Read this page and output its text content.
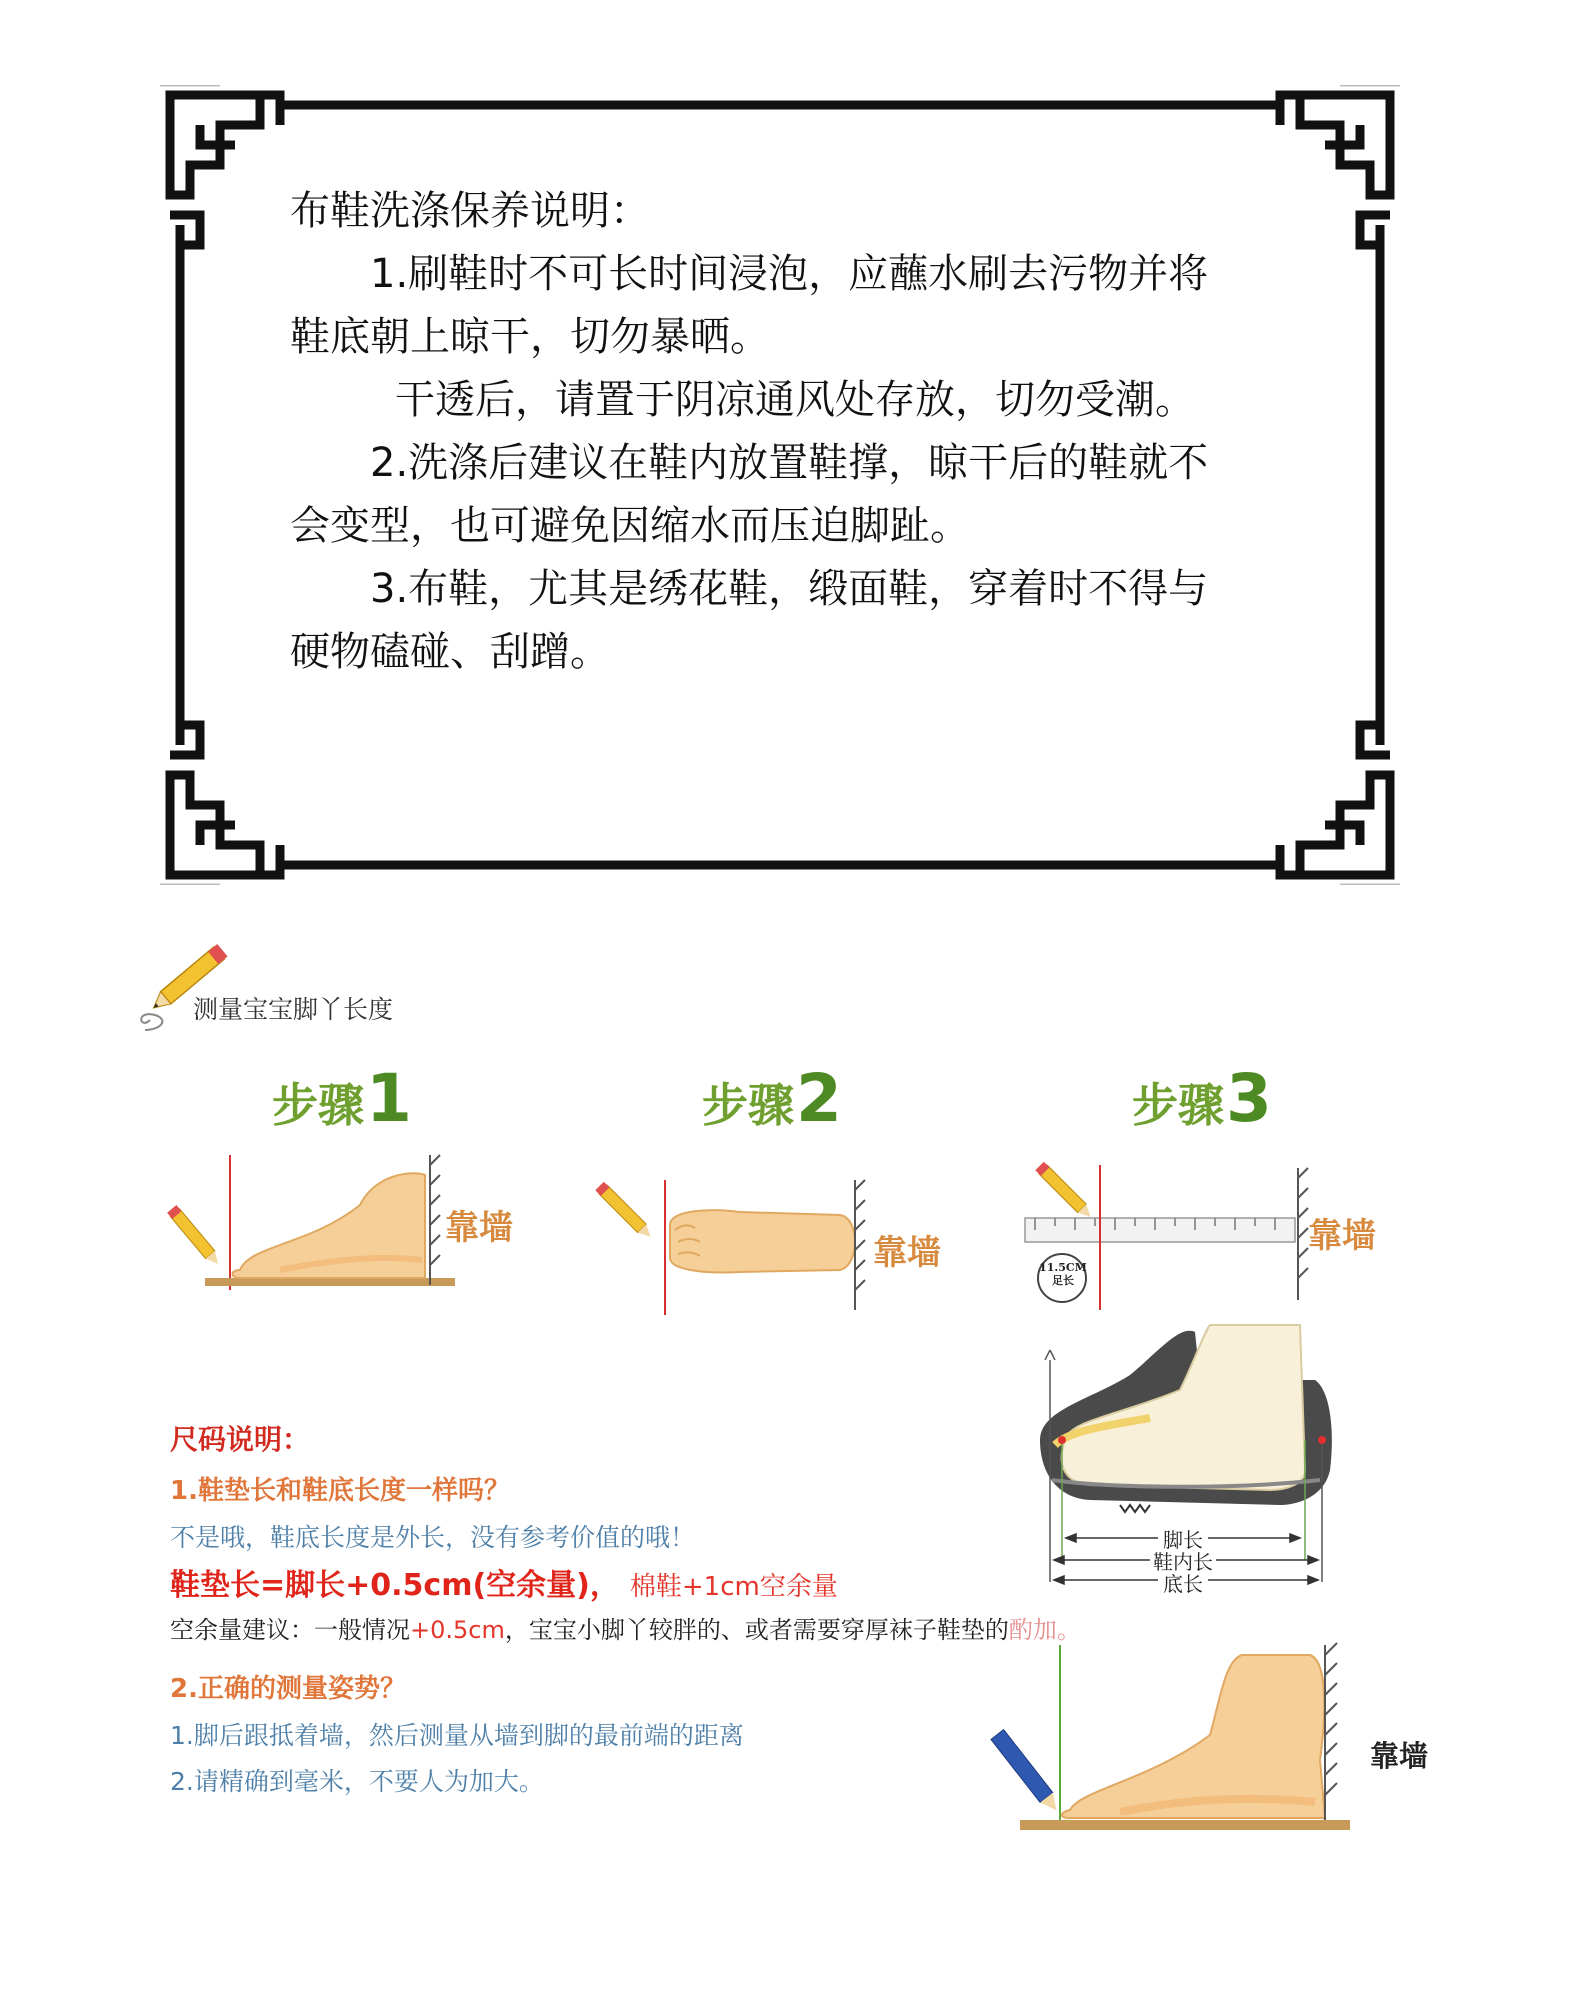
布鞋洗涤保养说明：

1.刷鞋时不可长时间浸泡，应蘸水刷去污物并将

鞋底朝上晾干，切勿暴晒。

干透后，请置于阴凉通风处存放，切勿受潮。

2.洗涤后建议在鞋内放置鞋撑，晾干后的鞋就不

会变型，也可避免因缩水而压迫脚趾。

3.布鞋，尤其是绣花鞋，缎面鞋，穿着时不得与

硬物磕碰、刮蹭。

测量宝宝脚丫长度
步骤1	步骤2	步骤3
靠墙
靠墙	11.5CM
足长
靠墙
脚长
鞋内长
底长
尺码说明：
1.鞋垫长和鞋底长度一样吗？
不是哦，鞋底长度是外长，没有参考价值的哦！
鞋垫长=脚长+0.5cm(空余量)， 棉鞋+1cm空余量
空余量建议：一般情况+0.5cm，宝宝小脚丫较胖的、或者需要穿厚袜子鞋垫的酌加。
2.正确的测量姿势？
1.脚后跟抵着墙，然后测量从墙到脚的最前端的距离
2.请精确到毫米，不要人为加大。
靠墙
